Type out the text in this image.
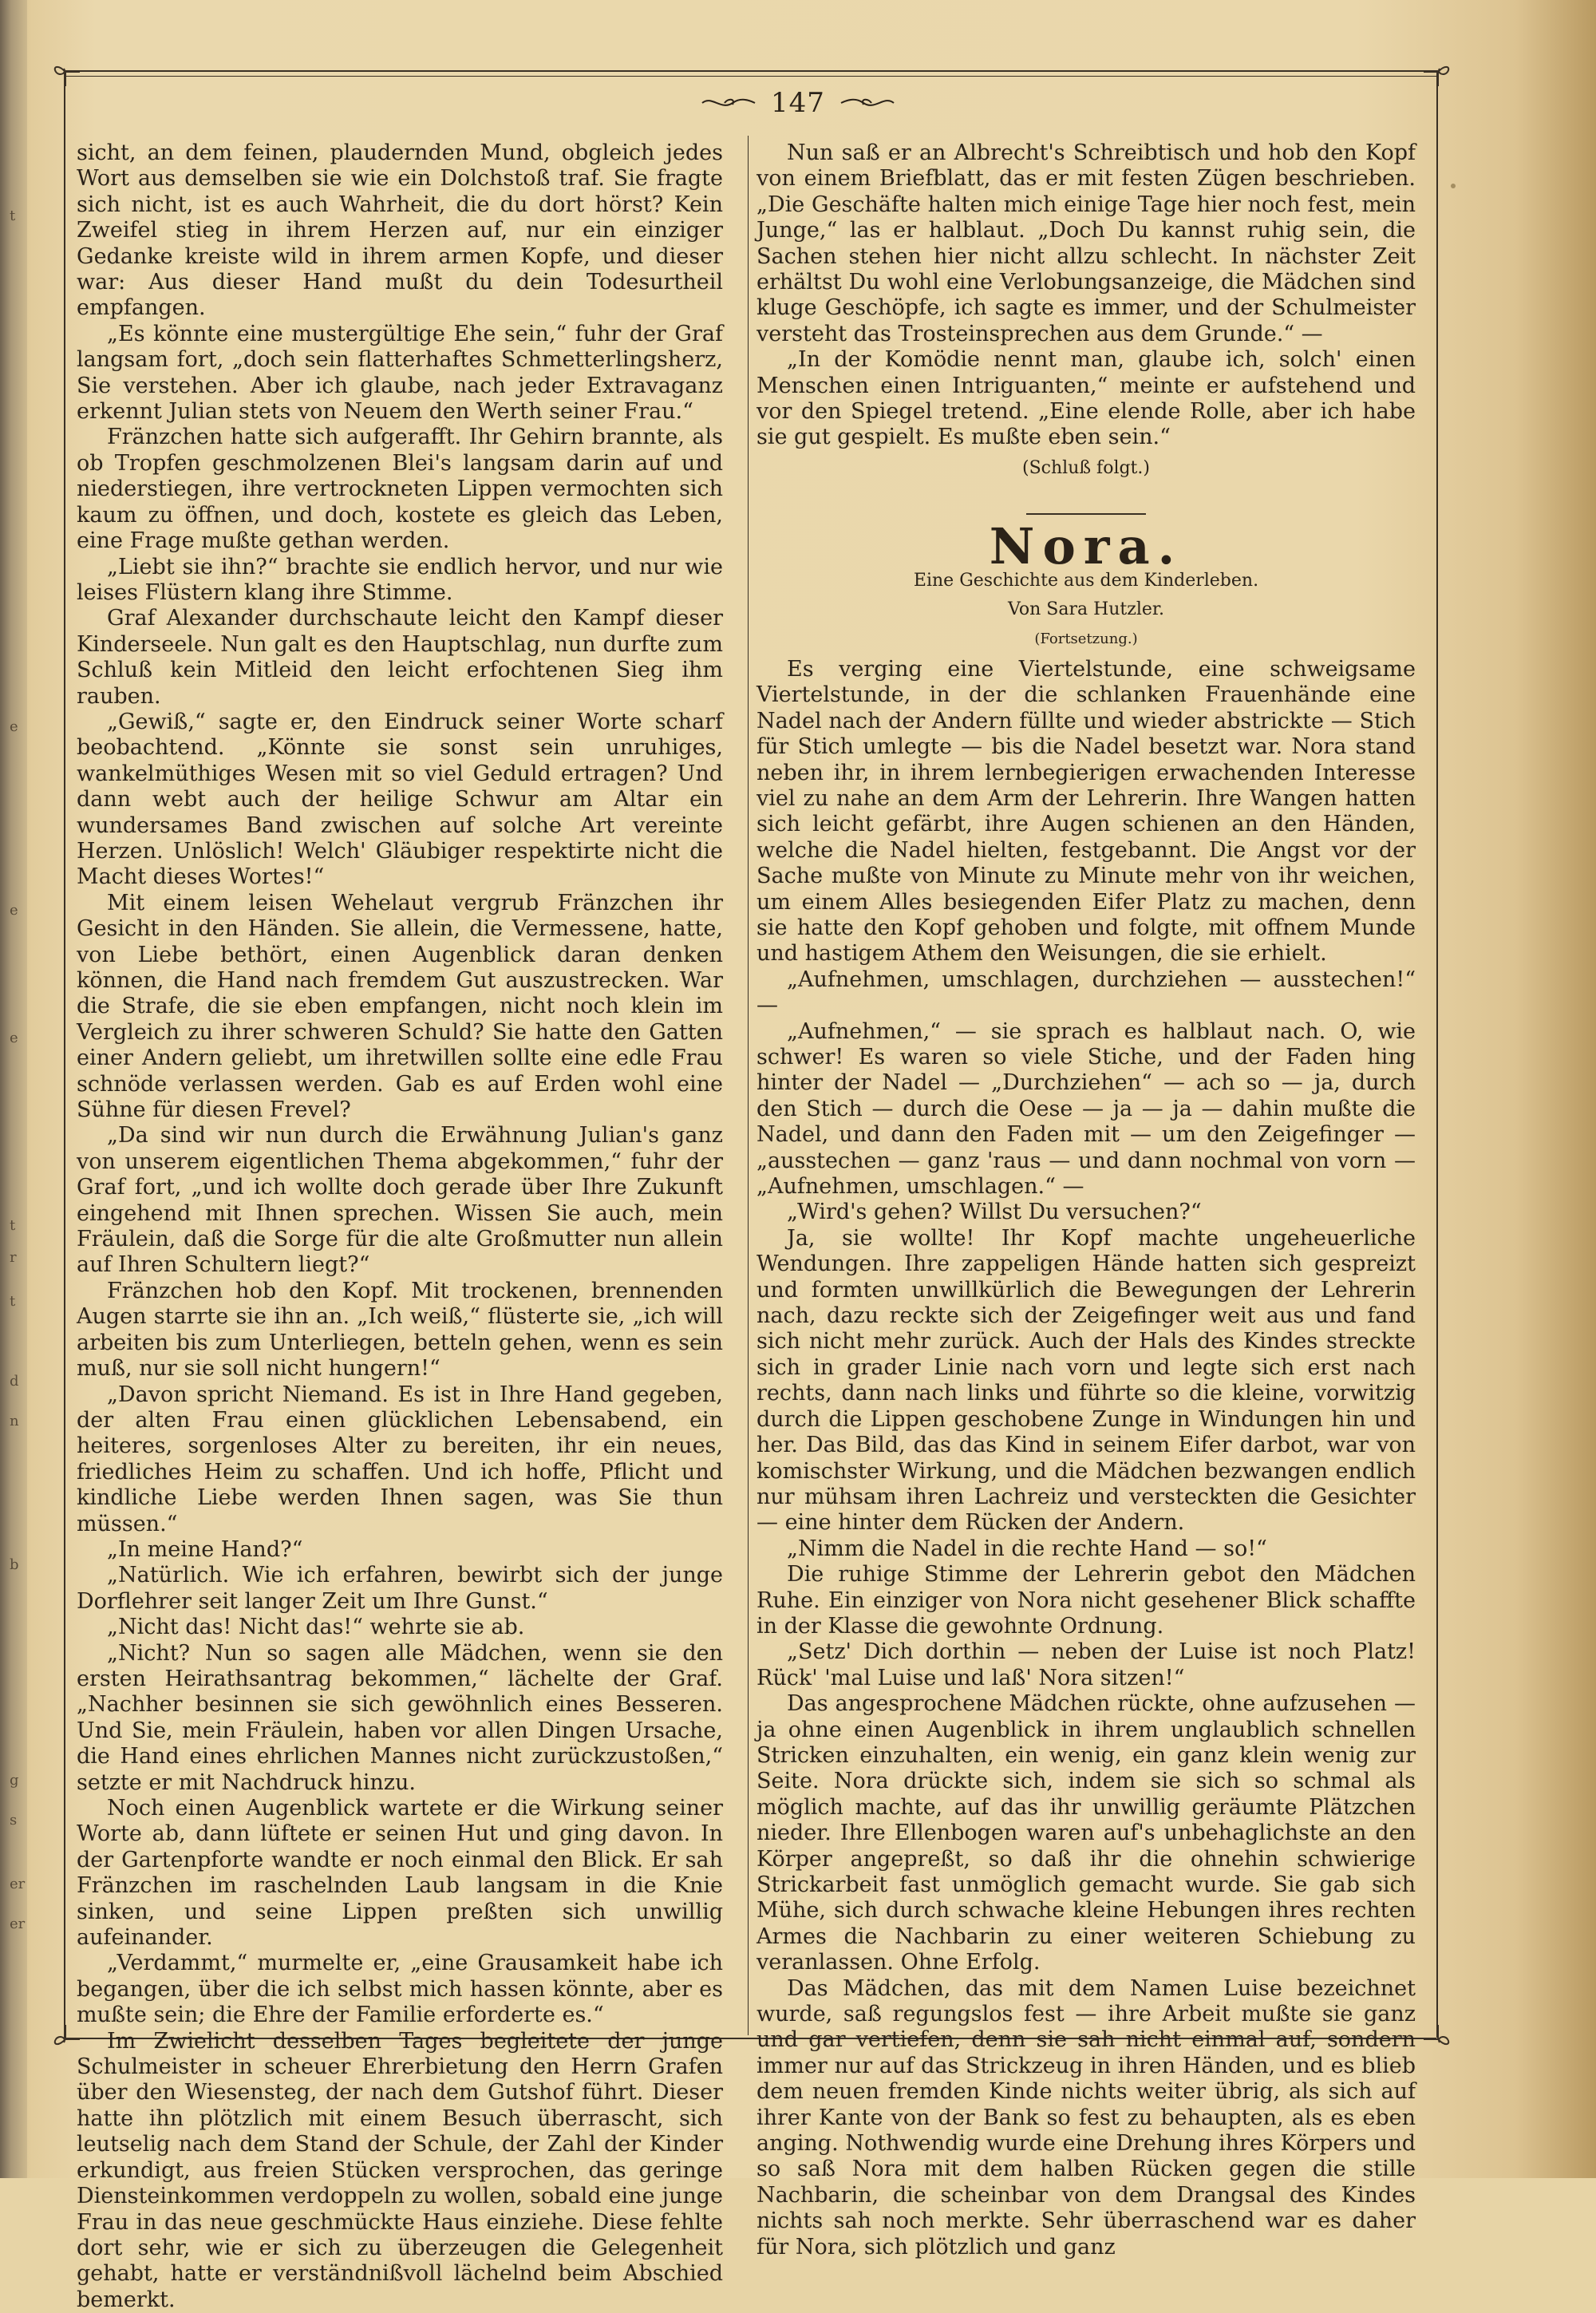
147

sicht, an dem feinen, plaudernden Mund, obgleich jedes Wort aus demselben sie wie ein Dolchstoß traf. Sie fragte sich nicht, ist es auch Wahrheit, die du dort hörst? Kein Zweifel stieg in ihrem Herzen auf, nur ein einziger Gedanke kreiste wild in ihrem armen Kopfe, und dieser war: Aus dieser Hand mußt du dein Todesurtheil empfangen.

„Es könnte eine mustergültige Ehe sein,“ fuhr der Graf langsam fort, „doch sein flatterhaftes Schmetterlingsherz, Sie verstehen. Aber ich glaube, nach jeder Extravaganz erkennt Julian stets von Neuem den Werth seiner Frau.“

Fränzchen hatte sich aufgerafft. Ihr Gehirn brannte, als ob Tropfen geschmolzenen Blei's langsam darin auf und niederstiegen, ihre vertrockneten Lippen vermochten sich kaum zu öffnen, und doch, kostete es gleich das Leben, eine Frage mußte gethan werden.

„Liebt sie ihn?“ brachte sie endlich hervor, und nur wie leises Flüstern klang ihre Stimme.

Graf Alexander durchschaute leicht den Kampf dieser Kinderseele. Nun galt es den Hauptschlag, nun durfte zum Schluß kein Mitleid den leicht erfochtenen Sieg ihm rauben.

„Gewiß,“ sagte er, den Eindruck seiner Worte scharf beobachtend. „Könnte sie sonst sein unruhiges, wankelmüthiges Wesen mit so viel Geduld ertragen? Und dann webt auch der heilige Schwur am Altar ein wundersames Band zwischen auf solche Art vereinte Herzen. Unlöslich! Welch' Gläubiger respektirte nicht die Macht dieses Wortes!“

Mit einem leisen Wehelaut vergrub Fränzchen ihr Gesicht in den Händen. Sie allein, die Vermessene, hatte, von Liebe bethört, einen Augenblick daran denken können, die Hand nach fremdem Gut auszustrecken. War die Strafe, die sie eben empfangen, nicht noch klein im Vergleich zu ihrer schweren Schuld? Sie hatte den Gatten einer Andern geliebt, um ihretwillen sollte eine edle Frau schnöde verlassen werden. Gab es auf Erden wohl eine Sühne für diesen Frevel?

„Da sind wir nun durch die Erwähnung Julian's ganz von unserem eigentlichen Thema abgekommen,“ fuhr der Graf fort, „und ich wollte doch gerade über Ihre Zukunft eingehend mit Ihnen sprechen. Wissen Sie auch, mein Fräulein, daß die Sorge für die alte Großmutter nun allein auf Ihren Schultern liegt?“

Fränzchen hob den Kopf. Mit trockenen, brennenden Augen starrte sie ihn an. „Ich weiß,“ flüsterte sie, „ich will arbeiten bis zum Unterliegen, betteln gehen, wenn es sein muß, nur sie soll nicht hungern!“

„Davon spricht Niemand. Es ist in Ihre Hand gegeben, der alten Frau einen glücklichen Lebensabend, ein heiteres, sorgenloses Alter zu bereiten, ihr ein neues, friedliches Heim zu schaffen. Und ich hoffe, Pflicht und kindliche Liebe werden Ihnen sagen, was Sie thun müssen.“

„In meine Hand?“

„Natürlich. Wie ich erfahren, bewirbt sich der junge Dorflehrer seit langer Zeit um Ihre Gunst.“

„Nicht das! Nicht das!“ wehrte sie ab.

„Nicht? Nun so sagen alle Mädchen, wenn sie den ersten Heirathsantrag bekommen,“ lächelte der Graf. „Nachher besinnen sie sich gewöhnlich eines Besseren. Und Sie, mein Fräulein, haben vor allen Dingen Ursache, die Hand eines ehrlichen Mannes nicht zurückzustoßen,“ setzte er mit Nachdruck hinzu.

Noch einen Augenblick wartete er die Wirkung seiner Worte ab, dann lüftete er seinen Hut und ging davon. In der Gartenpforte wandte er noch einmal den Blick. Er sah Fränzchen im raschelnden Laub langsam in die Knie sinken, und seine Lippen preßten sich unwillig aufeinander.

„Verdammt,“ murmelte er, „eine Grausamkeit habe ich begangen, über die ich selbst mich hassen könnte, aber es mußte sein; die Ehre der Familie erforderte es.“

Im Zwielicht desselben Tages begleitete der junge Schulmeister in scheuer Ehrerbietung den Herrn Grafen über den Wiesensteg, der nach dem Gutshof führt. Dieser hatte ihn plötzlich mit einem Besuch überrascht, sich leutselig nach dem Stand der Schule, der Zahl der Kinder erkundigt, aus freien Stücken versprochen, das geringe Diensteinkommen verdoppeln zu wollen, sobald eine junge Frau in das neue geschmückte Haus einziehe. Diese fehlte dort sehr, wie er sich zu überzeugen die Gelegenheit gehabt, hatte er verständnißvoll lächelnd beim Abschied bemerkt.

Nun saß er an Albrecht's Schreibtisch und hob den Kopf von einem Briefblatt, das er mit festen Zügen beschrieben. „Die Geschäfte halten mich einige Tage hier noch fest, mein Junge,“ las er halblaut. „Doch Du kannst ruhig sein, die Sachen stehen hier nicht allzu schlecht. In nächster Zeit erhältst Du wohl eine Verlobungsanzeige, die Mädchen sind kluge Geschöpfe, ich sagte es immer, und der Schulmeister versteht das Trosteinsprechen aus dem Grunde.“ —

„In der Komödie nennt man, glaube ich, solch' einen Menschen einen Intriguanten,“ meinte er aufstehend und vor den Spiegel tretend. „Eine elende Rolle, aber ich habe sie gut gespielt. Es mußte eben sein.“

(Schluß folgt.)

Nora.

Eine Geschichte aus dem Kinderleben.

Von Sara Hutzler.

(Fortsetzung.)

Es verging eine Viertelstunde, eine schweigsame Viertelstunde, in der die schlanken Frauenhände eine Nadel nach der Andern füllte und wieder abstrickte — Stich für Stich umlegte — bis die Nadel besetzt war. Nora stand neben ihr, in ihrem lernbegierigen erwachenden Interesse viel zu nahe an dem Arm der Lehrerin. Ihre Wangen hatten sich leicht gefärbt, ihre Augen schienen an den Händen, welche die Nadel hielten, festgebannt. Die Angst vor der Sache mußte von Minute zu Minute mehr von ihr weichen, um einem Alles besiegenden Eifer Platz zu machen, denn sie hatte den Kopf gehoben und folgte, mit offnem Munde und hastigem Athem den Weisungen, die sie erhielt.

„Aufnehmen, umschlagen, durchziehen — ausstechen!“ —

„Aufnehmen,“ — sie sprach es halblaut nach. O, wie schwer! Es waren so viele Stiche, und der Faden hing hinter der Nadel — „Durchziehen“ — ach so — ja, durch den Stich — durch die Oese — ja — ja — dahin mußte die Nadel, und dann den Faden mit — um den Zeigefinger — „ausstechen — ganz 'raus — und dann nochmal von vorn — „Aufnehmen, umschlagen.“ —

„Wird's gehen? Willst Du versuchen?“

Ja, sie wollte! Ihr Kopf machte ungeheuerliche Wendungen. Ihre zappeligen Hände hatten sich gespreizt und formten unwillkürlich die Bewegungen der Lehrerin nach, dazu reckte sich der Zeigefinger weit aus und fand sich nicht mehr zurück. Auch der Hals des Kindes streckte sich in grader Linie nach vorn und legte sich erst nach rechts, dann nach links und führte so die kleine, vorwitzig durch die Lippen geschobene Zunge in Windungen hin und her. Das Bild, das das Kind in seinem Eifer darbot, war von komischster Wirkung, und die Mädchen bezwangen endlich nur mühsam ihren Lachreiz und versteckten die Gesichter — eine hinter dem Rücken der Andern.

„Nimm die Nadel in die rechte Hand — so!“

Die ruhige Stimme der Lehrerin gebot den Mädchen Ruhe. Ein einziger von Nora nicht gesehener Blick schaffte in der Klasse die gewohnte Ordnung.

„Setz' Dich dorthin — neben der Luise ist noch Platz! Rück' 'mal Luise und laß' Nora sitzen!“

Das angesprochene Mädchen rückte, ohne aufzusehen — ja ohne einen Augenblick in ihrem unglaublich schnellen Stricken einzuhalten, ein wenig, ein ganz klein wenig zur Seite. Nora drückte sich, indem sie sich so schmal als möglich machte, auf das ihr unwillig geräumte Plätzchen nieder. Ihre Ellenbogen waren auf's unbehaglichste an den Körper angepreßt, so daß ihr die ohnehin schwierige Strickarbeit fast unmöglich gemacht wurde. Sie gab sich Mühe, sich durch schwache kleine Hebungen ihres rechten Armes die Nachbarin zu einer weiteren Schiebung zu veranlassen. Ohne Erfolg.

Das Mädchen, das mit dem Namen Luise bezeichnet wurde, saß regungslos fest — ihre Arbeit mußte sie ganz und gar vertiefen, denn sie sah nicht einmal auf, sondern immer nur auf das Strickzeug in ihren Händen, und es blieb dem neuen fremden Kinde nichts weiter übrig, als sich auf ihrer Kante von der Bank so fest zu behaupten, als es eben anging. Nothwendig wurde eine Drehung ihres Körpers und so saß Nora mit dem halben Rücken gegen die stille Nachbarin, die scheinbar von dem Drangsal des Kindes nichts sah noch merkte. Sehr überraschend war es daher für Nora, sich plötzlich und ganz

t
e
e
e
t
r
t
d
n
b
g
s
er
er
